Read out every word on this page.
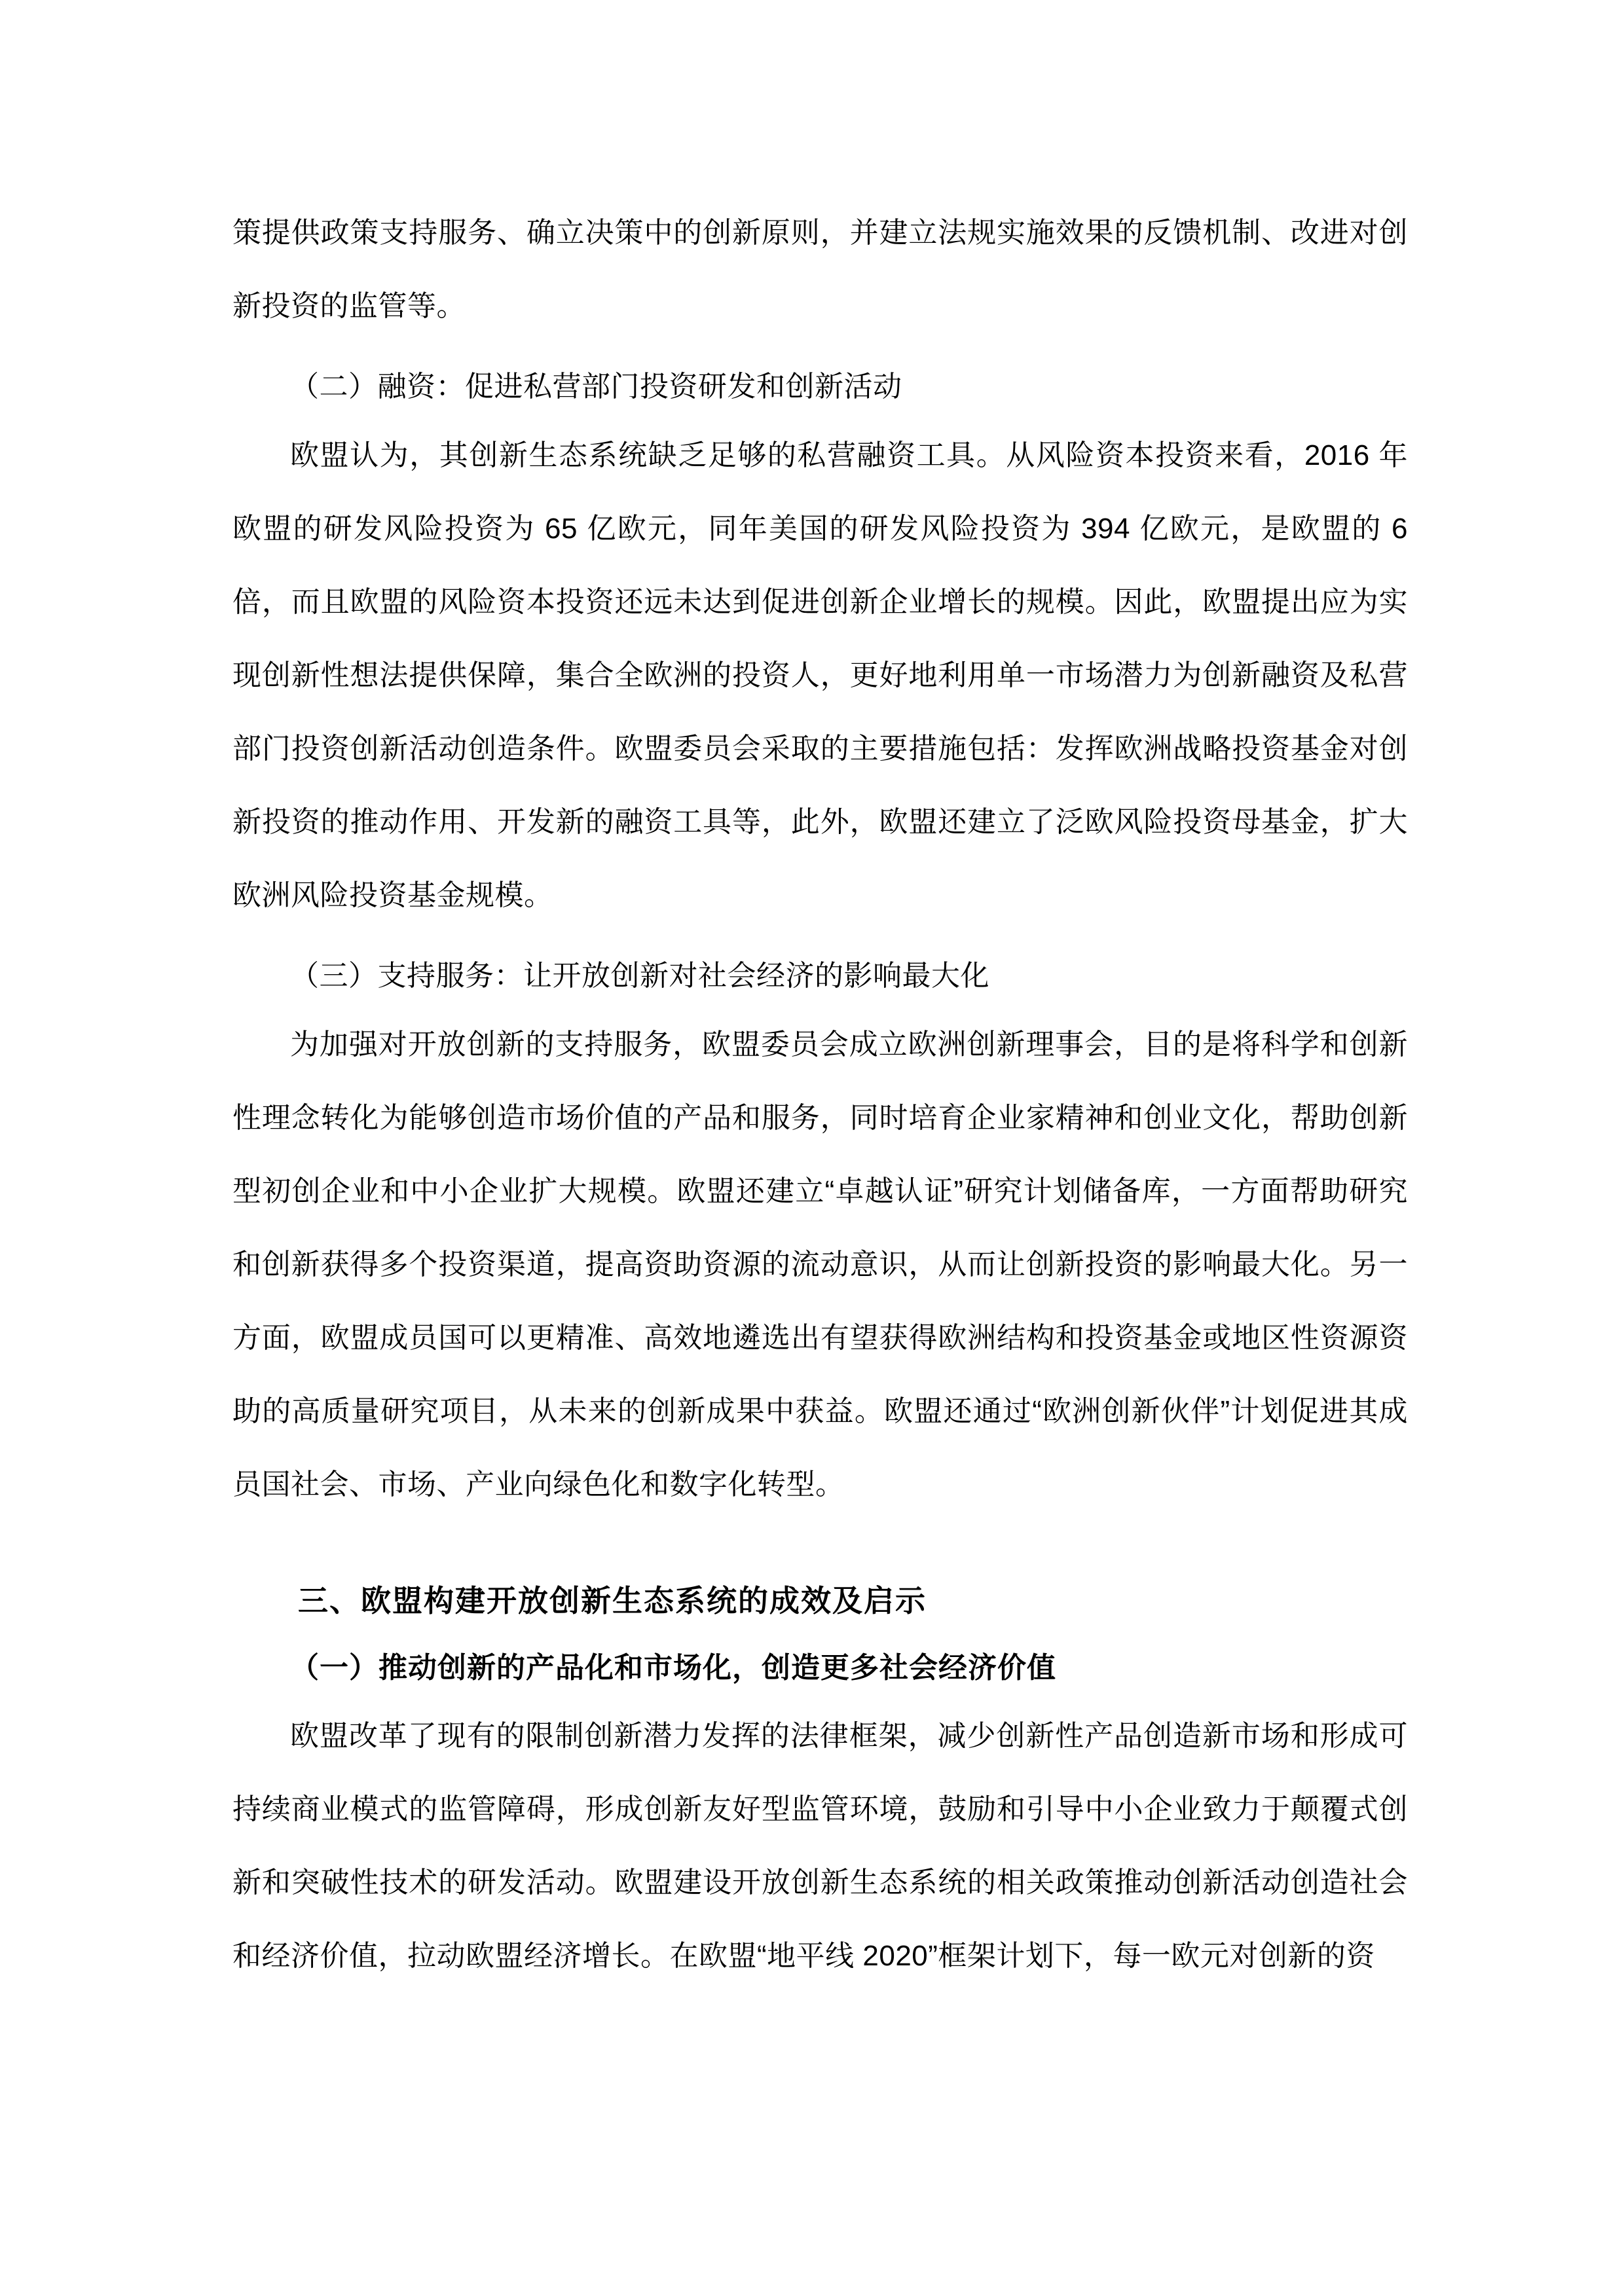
策提供政策支持服务、确立决策中的创新原则，并建立法规实施效果的反馈机制、改进对创新投资的监管等。

（二）融资：促进私营部门投资研发和创新活动

欧盟认为，其创新生态系统缺乏足够的私营融资工具。从风险资本投资来看，2016 年欧盟的研发风险投资为 65 亿欧元，同年美国的研发风险投资为 394 亿欧元，是欧盟的 6 倍，而且欧盟的风险资本投资还远未达到促进创新企业增长的规模。因此，欧盟提出应为实现创新性想法提供保障，集合全欧洲的投资人，更好地利用单一市场潜力为创新融资及私营部门投资创新活动创造条件。欧盟委员会采取的主要措施包括：发挥欧洲战略投资基金对创新投资的推动作用、开发新的融资工具等，此外，欧盟还建立了泛欧风险投资母基金，扩大欧洲风险投资基金规模。

（三）支持服务：让开放创新对社会经济的影响最大化

为加强对开放创新的支持服务，欧盟委员会成立欧洲创新理事会，目的是将科学和创新性理念转化为能够创造市场价值的产品和服务，同时培育企业家精神和创业文化，帮助创新型初创企业和中小企业扩大规模。欧盟还建立“卓越认证”研究计划储备库，一方面帮助研究和创新获得多个投资渠道，提高资助资源的流动意识，从而让创新投资的影响最大化。另一方面，欧盟成员国可以更精准、高效地遴选出有望获得欧洲结构和投资基金或地区性资源资助的高质量研究项目，从未来的创新成果中获益。欧盟还通过“欧洲创新伙伴”计划促进其成员国社会、市场、产业向绿色化和数字化转型。

三、欧盟构建开放创新生态系统的成效及启示

（一）推动创新的产品化和市场化，创造更多社会经济价值

欧盟改革了现有的限制创新潜力发挥的法律框架，减少创新性产品创造新市场和形成可持续商业模式的监管障碍，形成创新友好型监管环境，鼓励和引导中小企业致力于颠覆式创新和突破性技术的研发活动。欧盟建设开放创新生态系统的相关政策推动创新活动创造社会和经济价值，拉动欧盟经济增长。在欧盟“地平线 2020”框架计划下，每一欧元对创新的资
